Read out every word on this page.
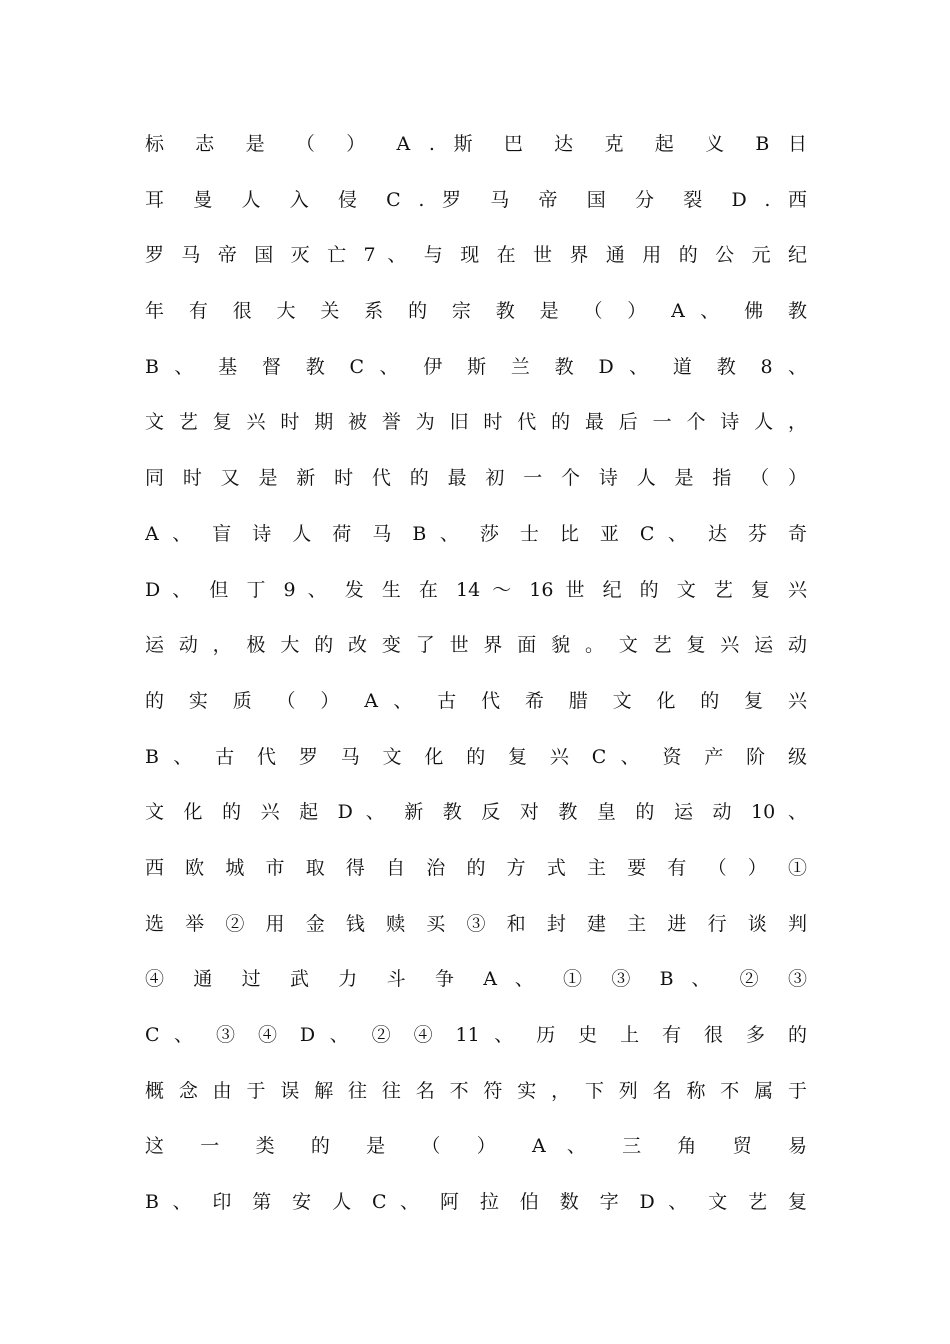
标 志 是 （ ） A . 斯 巴 达 克 起 义 B 日
耳 曼 人 入 侵 C . 罗 马 帝 国 分 裂 D . 西
罗 马 帝 国 灭 亡 7 、 与 现 在 世 界 通 用 的 公 元 纪
年 有 很 大 关 系 的 宗 教 是 （ ） A 、 佛 教
B 、 基 督 教 C 、 伊 斯 兰 教 D 、 道 教 8 、
文 艺 复 兴 时 期 被 誉 为 旧 时 代 的 最 后 一 个 诗 人 ，
同 时 又 是 新 时 代 的 最 初 一 个 诗 人 是 指 （ ）
A 、 盲 诗 人 荷 马 B 、 莎 士 比 亚 C 、 达 芬 奇
D 、 但 丁 9 、 发 生 在 14 ～ 16 世 纪 的 文 艺 复 兴
运 动 ， 极 大 的 改 变 了 世 界 面 貌 。 文 艺 复 兴 运 动
的 实 质 （ ） A 、 古 代 希 腊 文 化 的 复 兴
B 、 古 代 罗 马 文 化 的 复 兴 C 、 资 产 阶 级
文 化 的 兴 起 D 、 新 教 反 对 教 皇 的 运 动 10 、
西 欧 城 市 取 得 自 治 的 方 式 主 要 有 （ ） ①
选 举 ② 用 金 钱 赎 买 ③ 和 封 建 主 进 行 谈 判
④ 通 过 武 力 斗 争 A 、 ① ③ B 、 ② ③
C 、 ③ ④ D 、 ② ④ 11 、 历 史 上 有 很 多 的
概 念 由 于 误 解 往 往 名 不 符 实 ， 下 列 名 称 不 属 于
这 一 类 的 是 （ ） A 、 三 角 贸 易
B 、 印 第 安 人 C 、 阿 拉 伯 数 字 D 、 文 艺 复
